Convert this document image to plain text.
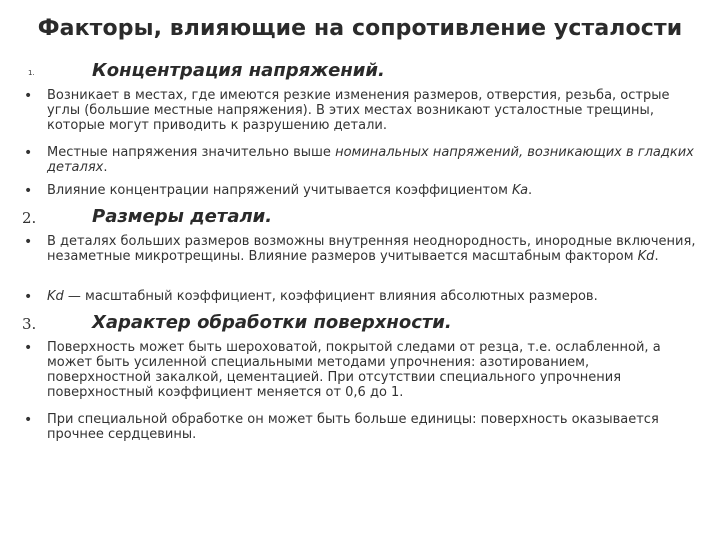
Факторы, влияющие на сопротивление усталости
1.	Концентрация напряжений.
• Возникает в местах, где имеются резкие изменения размеров, отверстия, резьба, острые углы (большие местные напряжения). В этих местах возникают усталостные трещины, которые могут приводить к разрушению детали.
• Местные напряжения значительно выше номинальных напряжений, возникающих в гладких деталях.
• Влияние концентрации напряжений учитывается коэффициентом Ka.
2.	Размеры детали.
• В деталях больших размеров возможны внутренняя неоднородность, инородные включения, незаметные микротрещины. Влияние размеров учитывается масштабным фактором Kd.
• Kd — масштабный коэффициент, коэффициент влияния абсолютных размеров.
3.	Характер обработки поверхности.
• Поверхность может быть шероховатой, покрытой следами от резца, т.е. ослабленной, а может быть усиленной специальными методами упрочнения: азотированием, поверхностной закалкой, цементацией. При отсутствии специального упрочнения поверхностный коэффициент меняется от 0,6 до 1.
• При специальной обработке он может быть больше единицы: поверхность оказывается прочнее сердцевины.
